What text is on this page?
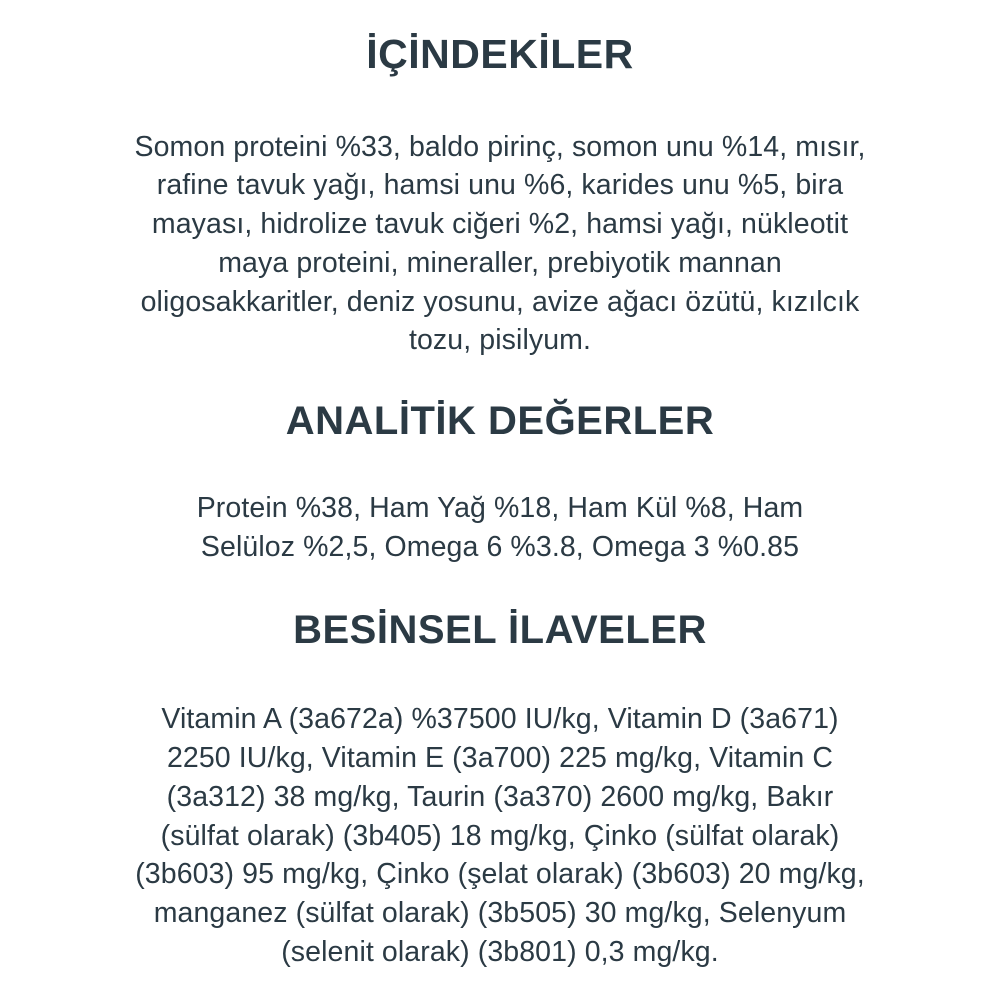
İÇİNDEKİLER

Somon proteini %33, baldo pirinç, somon unu %14, mısır, rafine tavuk yağı, hamsi unu %6, karides unu %5, bira mayası, hidrolize tavuk ciğeri %2, hamsi yağı, nükleotit maya proteini, mineraller, prebiyotik mannan oligosakkaritler, deniz yosunu, avize ağacı özütü, kızılcık tozu, pisilyum.

ANALİTİK DEĞERLER

Protein %38, Ham Yağ %18, Ham Kül %8, Ham Selüloz %2,5, Omega 6 %3.8, Omega 3 %0.85

BESİNSEL İLAVELER

Vitamin A (3a672a) %37500 IU/kg, Vitamin D (3a671) 2250 IU/kg, Vitamin E (3a700) 225 mg/kg, Vitamin C (3a312) 38 mg/kg, Taurin (3a370) 2600 mg/kg, Bakır (sülfat olarak) (3b405) 18 mg/kg, Çinko (sülfat olarak) (3b603) 95 mg/kg, Çinko (şelat olarak) (3b603) 20 mg/kg, manganez (sülfat olarak) (3b505) 30 mg/kg, Selenyum (selenit olarak) (3b801) 0,3 mg/kg.
